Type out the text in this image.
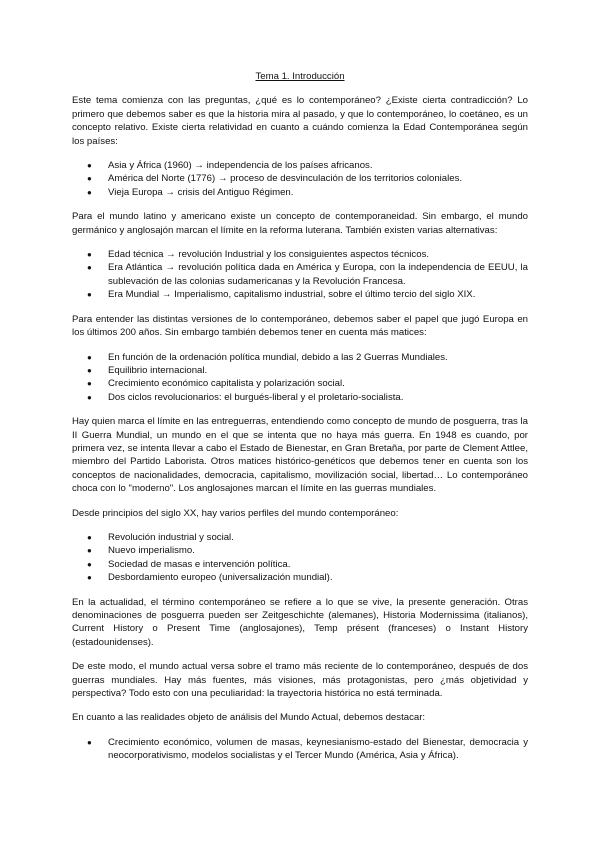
Tema 1. Introducción

Este tema comienza con las preguntas, ¿qué es lo contemporáneo? ¿Existe cierta contradicción? Lo primero que debemos saber es que la historia mira al pasado, y que lo contemporáneo, lo coetáneo, es un concepto relativo. Existe cierta relatividad en cuanto a cuándo comienza la Edad Contemporánea según los países:

● Asia y África (1960) → independencia de los países africanos.
● América del Norte (1776) → proceso de desvinculación de los territorios coloniales.
● Vieja Europa → crisis del Antiguo Régimen.

Para el mundo latino y americano existe un concepto de contemporaneidad. Sin embargo, el mundo germánico y anglosajón marcan el límite en la reforma luterana. También existen varias alternativas:

● Edad técnica → revolución Industrial y los consiguientes aspectos técnicos.
● Era Atlántica → revolución política dada en América y Europa, con la independencia de EEUU, la sublevación de las colonias sudamericanas y la Revolución Francesa.
● Era Mundial → Imperialismo, capitalismo industrial, sobre el último tercio del siglo XIX.

Para entender las distintas versiones de lo contemporáneo, debemos saber el papel que jugó Europa en los últimos 200 años. Sin embargo también debemos tener en cuenta más matices:

● En función de la ordenación política mundial, debido a las 2 Guerras Mundiales.
● Equilibrio internacional.
● Crecimiento económico capitalista y polarización social.
● Dos ciclos revolucionarios: el burgués-liberal y el proletario-socialista.

Hay quien marca el límite en las entreguerras, entendiendo como concepto de mundo de posguerra, tras la II Guerra Mundial, un mundo en el que se intenta que no haya más guerra. En 1948 es cuando, por primera vez, se intenta llevar a cabo el Estado de Bienestar, en Gran Bretaña, por parte de Clement Attlee, miembro del Partido Laborista. Otros matices histórico-genéticos que debemos tener en cuenta son los conceptos de nacionalidades, democracia, capitalismo, movilización social, libertad… Lo contemporáneo choca con lo "moderno". Los anglosajones marcan el límite en las guerras mundiales.

Desde principios del siglo XX, hay varios perfiles del mundo contemporáneo:

● Revolución industrial y social.
● Nuevo imperialismo.
● Sociedad de masas e intervención política.
● Desbordamiento europeo (universalización mundial).

En la actualidad, el término contemporáneo se refiere a lo que se vive, la presente generación. Otras denominaciones de posguerra pueden ser Zeitgeschichte (alemanes), Historia Modernissima (italianos), Current History o Present Time (anglosajones), Temp présent (franceses) o Instant History (estadounidenses).

De este modo, el mundo actual versa sobre el tramo más reciente de lo contemporáneo, después de dos guerras mundiales. Hay más fuentes, más visiones, más protagonistas, pero ¿más objetividad y perspectiva? Todo esto con una peculiaridad: la trayectoria histórica no está terminada.

En cuanto a las realidades objeto de análisis del Mundo Actual, debemos destacar:

● Crecimiento económico, volumen de masas, keynesianismo-estado del Bienestar, democracia y neocorporativismo, modelos socialistas y el Tercer Mundo (América, Asia y África).
